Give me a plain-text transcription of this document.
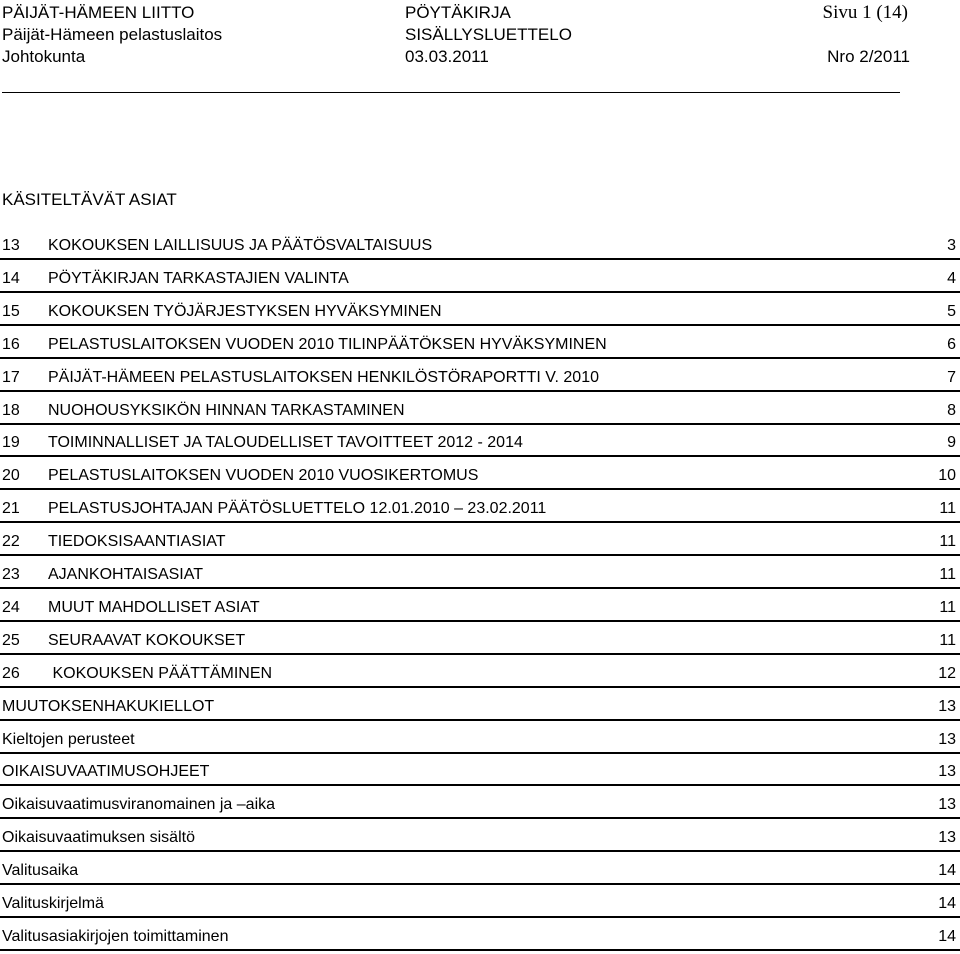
PÄIJÄT-HÄMEEN LIITTO	PÖYTÄKIRJA	Sivu 1 (14)
Päijät-Hämeen pelastuslaitos	SISÄLLYSLUETTELO
Johtokunta	03.03.2011	Nro 2/2011
KÄSITELTÄVÄT ASIAT
13 KOKOUKSEN LAILLISUUS JA PÄÄTÖSVALTAISUUS	3
14 PÖYTÄKIRJAN TARKASTAJIEN VALINTA	4
15 KOKOUKSEN TYÖJÄRJESTYKSEN HYVÄKSYMINEN	5
16 PELASTUSLAITOKSEN VUODEN 2010 TILINPÄÄTÖKSEN HYVÄKSYMINEN	6
17 PÄIJÄT-HÄMEEN PELASTUSLAITOKSEN HENKILÖSTÖRAPORTTI V. 2010	7
18 NUOHOUSYKSIKÖN HINNAN TARKASTAMINEN	8
19 TOIMINNALLISET JA TALOUDELLISET TAVOITTEET 2012 - 2014	9
20 PELASTUSLAITOKSEN VUODEN 2010 VUOSIKERTOMUS	10
21 PELASTUSJOHTAJAN PÄÄTÖSLUETTELO 12.01.2010 – 23.02.2011	11
22 TIEDOKSISAANTIASIAT	11
23 AJANKOHTAISASIAT	11
24 MUUT MAHDOLLISET ASIAT	11
25 SEURAAVAT KOKOUKSET	11
26 KOKOUKSEN PÄÄTTÄMINEN	12
MUUTOKSENHAKUKIELLOT	13
Kieltojen perusteet	13
OIKAISUVAATIMUSOHJEET	13
Oikaisuvaatimusviranomainen ja –aika	13
Oikaisuvaatimuksen sisältö	13
Valitusaika	14
Valituskirjelmä	14
Valitusasiakirjojen toimittaminen	14
